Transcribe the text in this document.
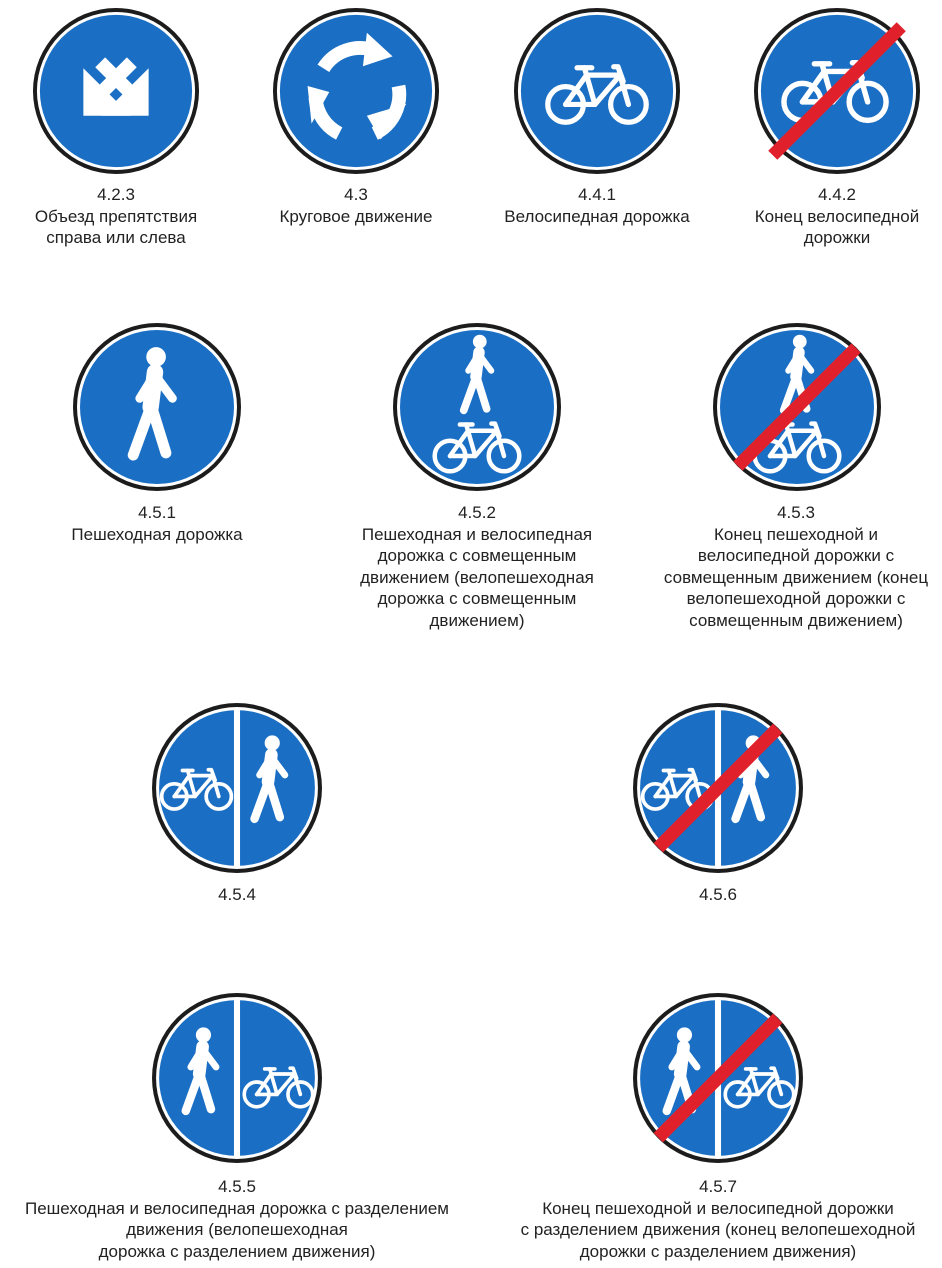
4.2.3
Объезд препятствия
справа или слева
4.3
Круговое движение
4.4.1
Велосипедная дорожка
4.4.2
Конец велосипедной
дорожки
4.5.1
Пешеходная дорожка
4.5.2
Пешеходная и велосипедная
дорожка с совмещенным
движением (велопешеходная
дорожка с совмещенным
движением)
4.5.3
Конец пешеходной и
велосипедной дорожки с
совмещенным движением (конец
велопешеходной дорожки с
совмещенным движением)
4.5.4	4.5.6
4.5.5
Пешеходная и велосипедная дорожка с разделением
движения (велопешеходная
дорожка с разделением движения)
4.5.7
Конец пешеходной и велосипедной дорожки
с разделением движения (конец велопешеходной
дорожки с разделением движения)
